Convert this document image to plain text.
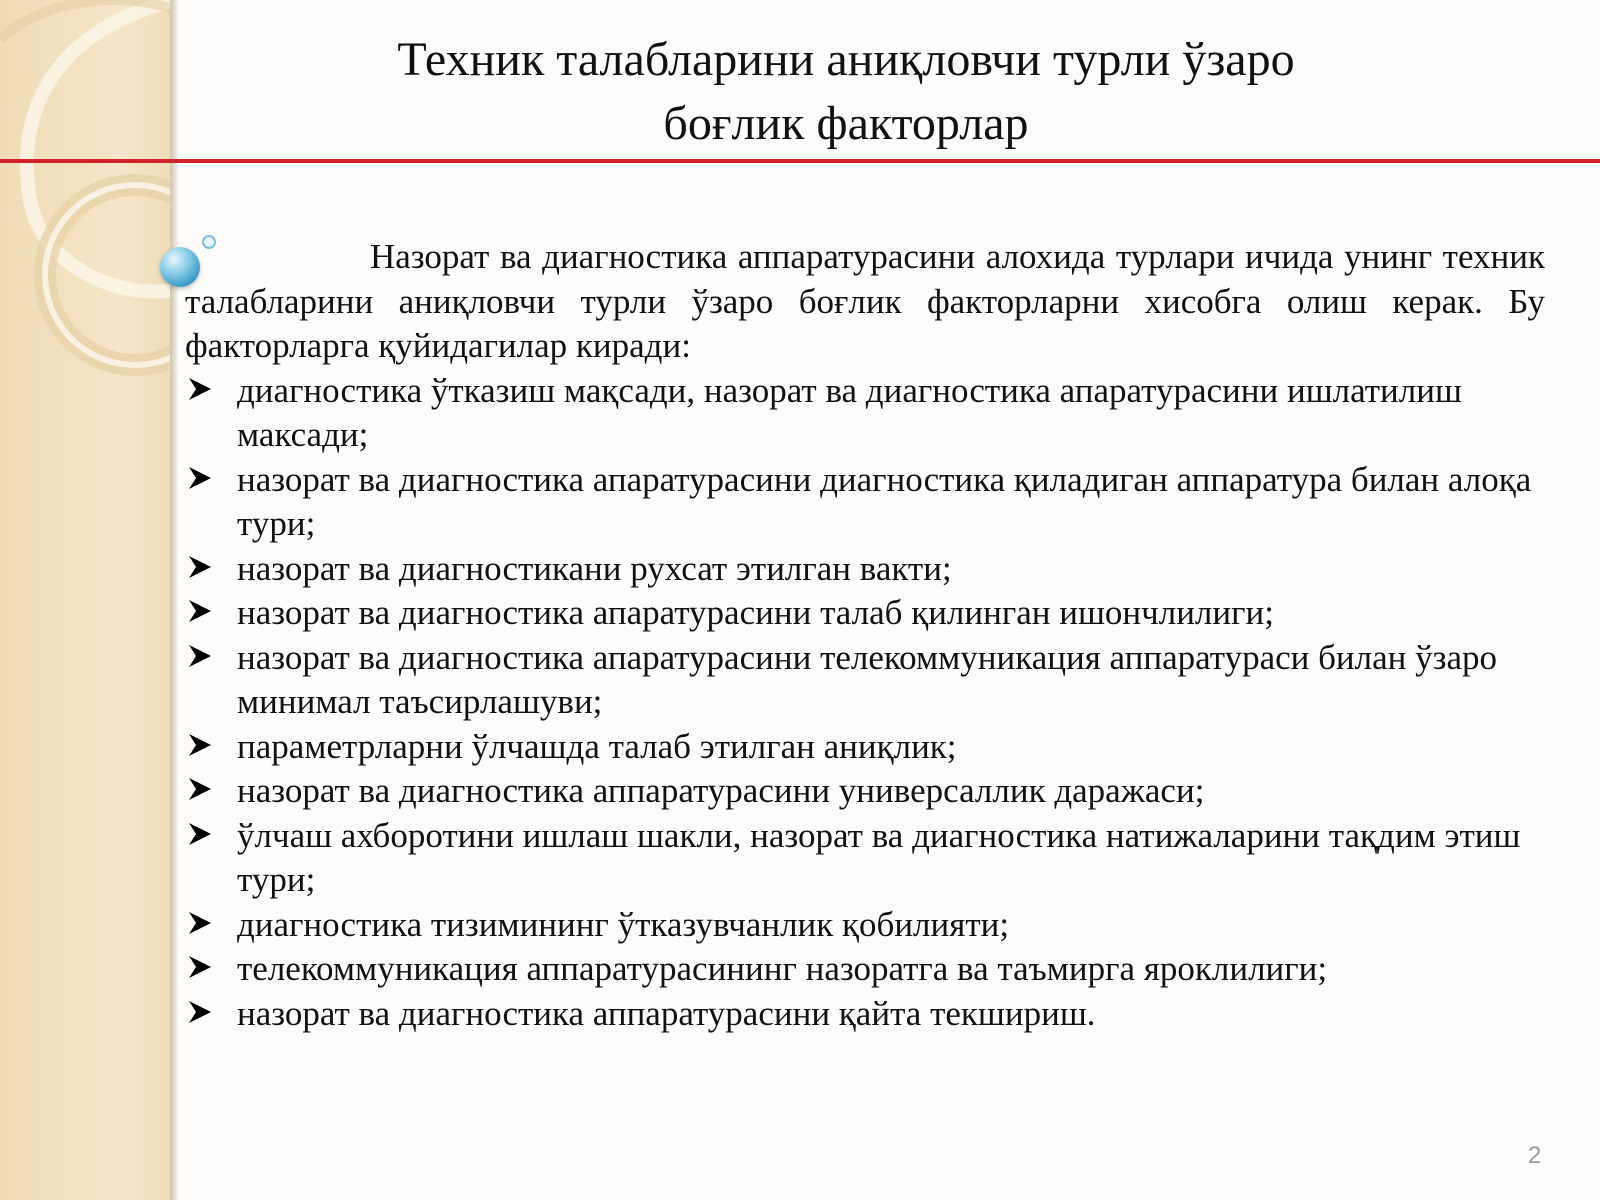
Техник талабларини аниқловчи турли ўзаро
боғлик факторлар

Назорат ва диагностика аппаратурасини алохида турлари ичида унинг техник талабларини аниқловчи турли ўзаро боғлик факторларни хисобга олиш керак. Бу факторларга қуйидагилар киради:

диагностика ўтказиш мақсади, назорат ва диагностика апаратурасини ишлатилиш максади;
назорат ва диагностика апаратурасини диагностика қиладиган аппаратура билан алоқа тури;
назорат ва диагностикани рухсат этилган вакти;
назорат ва диагностика апаратурасини талаб қилинган ишончлилиги;
назорат ва диагностика апаратурасини телекоммуникация аппаратураси билан ўзаро минимал таъсирлашуви;
параметрларни ўлчашда талаб этилган аниқлик;
назорат ва диагностика аппаратурасини универсаллик даражаси;
ўлчаш ахборотини ишлаш шакли, назорат ва диагностика натижаларини тақдим этиш тури;
диагностика тизимининг ўтказувчанлик қобилияти;
телекоммуникация аппаратурасининг назоратга ва таъмирга яроклилиги;
назорат ва диагностика аппаратурасини қайта текшириш.
2
